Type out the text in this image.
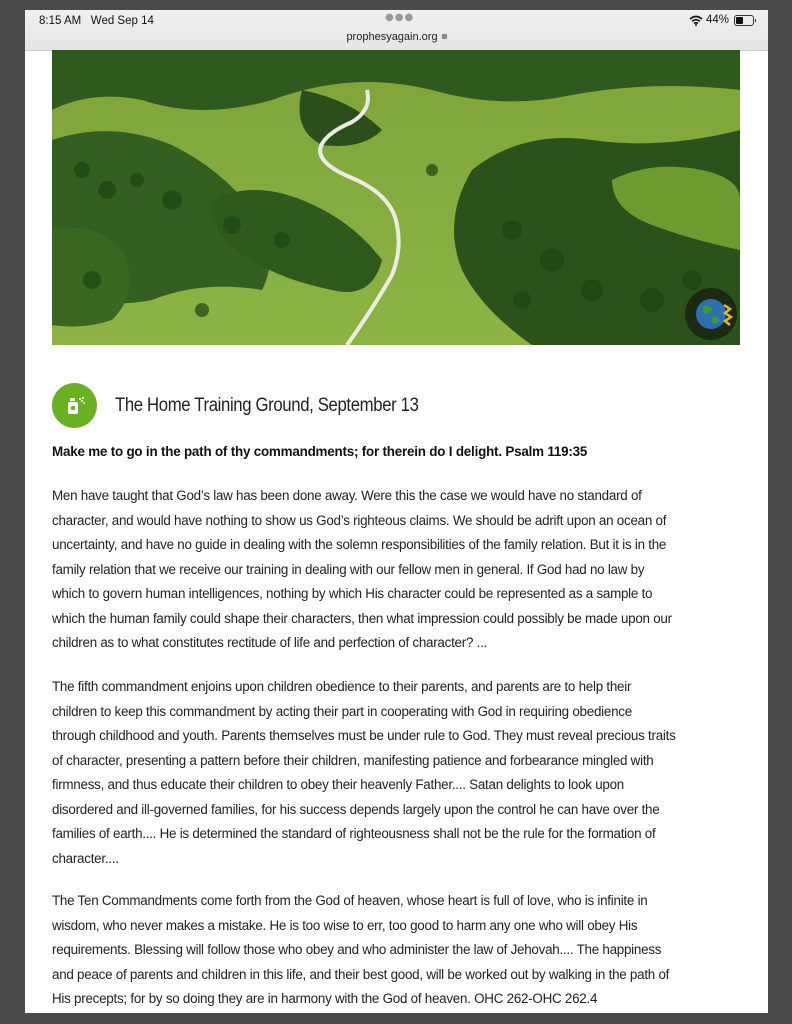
8:15 AM Wed Sep 14	●●●
prophesyagain.org
44%
The Home Training Ground, September 13
Make me to go in the path of thy commandments; for therein do I delight. Psalm 119:35

Men have taught that God’s law has been done away. Were this the case we would have no standard of
character, and would have nothing to show us God’s righteous claims. We should be adrift upon an ocean of
uncertainty, and have no guide in dealing with the solemn responsibilities of the family relation. But it is in the
family relation that we receive our training in dealing with our fellow men in general. If God had no law by
which to govern human intelligences, nothing by which His character could be represented as a sample to
which the human family could shape their characters, then what impression could possibly be made upon our
children as to what constitutes rectitude of life and perfection of character? ...

The fifth commandment enjoins upon children obedience to their parents, and parents are to help their
children to keep this commandment by acting their part in cooperating with God in requiring obedience
through childhood and youth. Parents themselves must be under rule to God. They must reveal precious traits
of character, presenting a pattern before their children, manifesting patience and forbearance mingled with
firmness, and thus educate their children to obey their heavenly Father.... Satan delights to look upon
disordered and ill-governed families, for his success depends largely upon the control he can have over the
families of earth.... He is determined the standard of righteousness shall not be the rule for the formation of
character....

The Ten Commandments come forth from the God of heaven, whose heart is full of love, who is infinite in
wisdom, who never makes a mistake. He is too wise to err, too good to harm any one who will obey His
requirements. Blessing will follow those who obey and who administer the law of Jehovah.... The happiness
and peace of parents and children in this life, and their best good, will be worked out by walking in the path of
His precepts; for by so doing they are in harmony with the God of heaven. OHC 262-OHC 262.4
